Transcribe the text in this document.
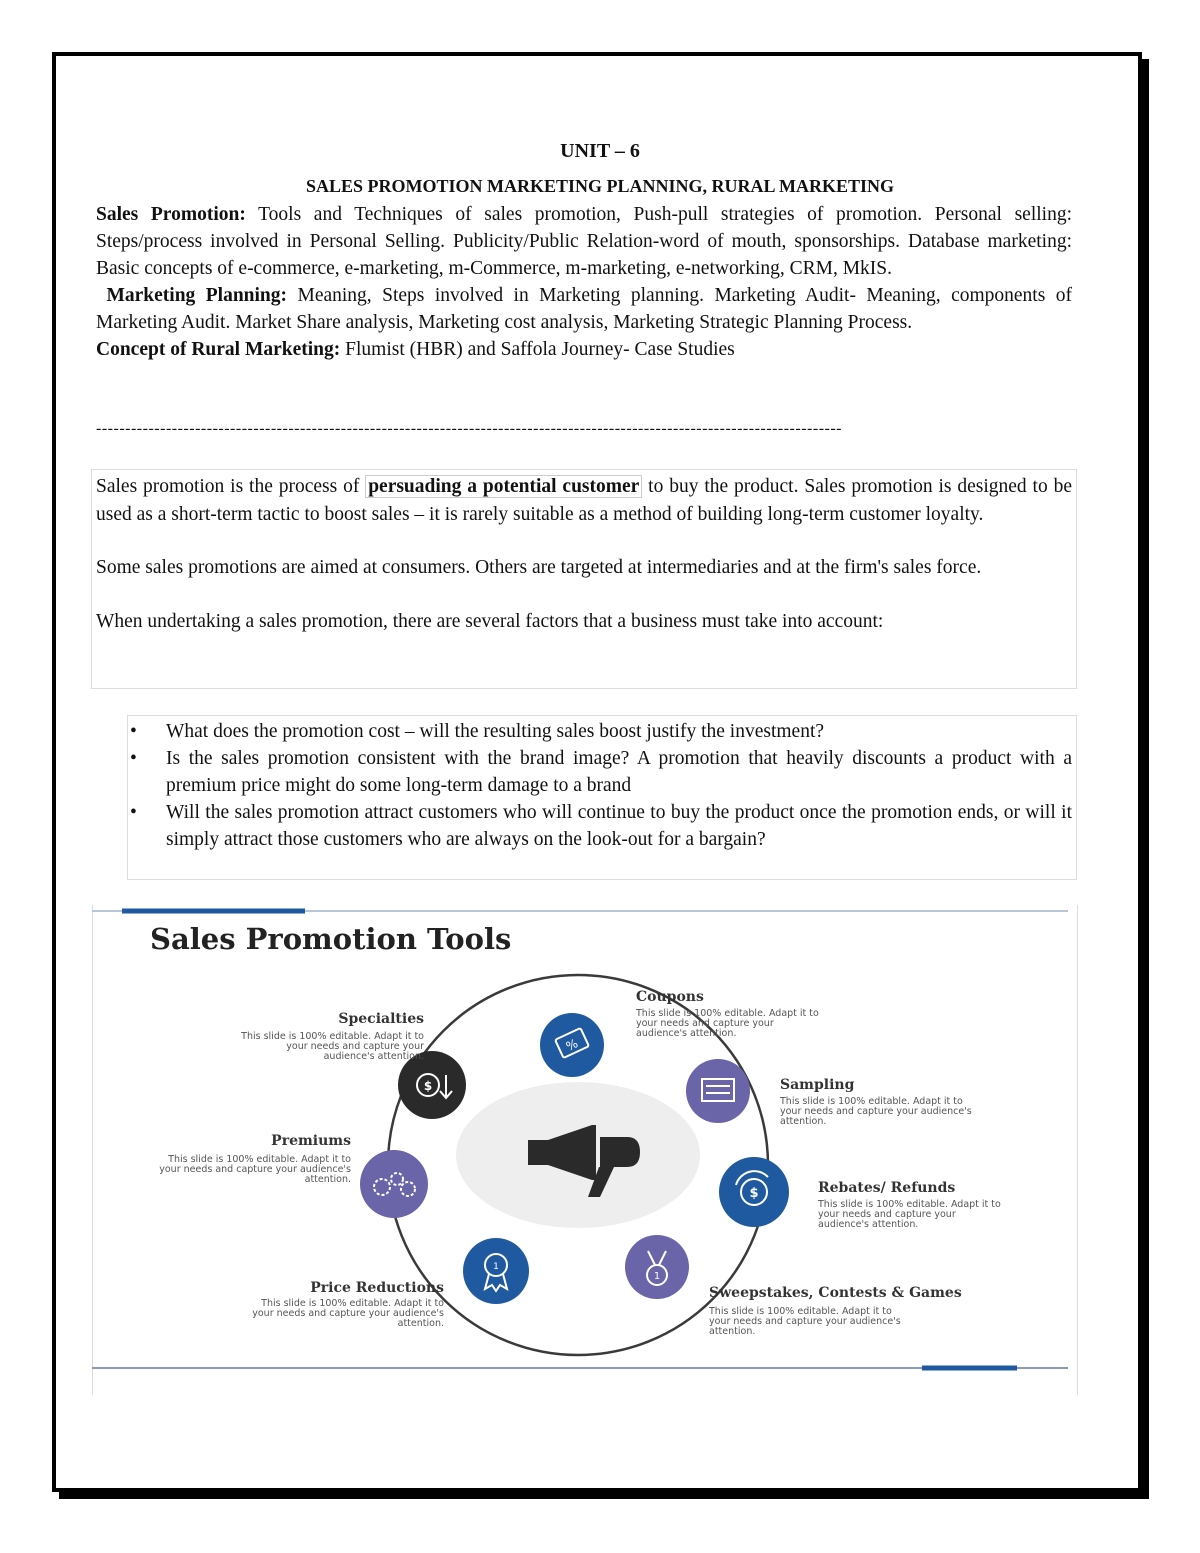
UNIT – 6
SALES PROMOTION MARKETING PLANNING, RURAL MARKETING

Sales Promotion: Tools and Techniques of sales promotion, Push-pull strategies of promotion. Personal selling: Steps/process involved in Personal Selling. Publicity/Public Relation-word of mouth, sponsorships. Database marketing: Basic concepts of e-commerce, e-marketing, m-Commerce, m-marketing, e-networking, CRM, MkIS.

Marketing Planning: Meaning, Steps involved in Marketing planning. Marketing Audit- Meaning, components of Marketing Audit. Market Share analysis, Marketing cost analysis, Marketing Strategic Planning Process.

Concept of Rural Marketing: Flumist (HBR) and Saffola Journey- Case Studies

--------------------------------------------------------------------------------------------------------------------------------

Sales promotion is the process of persuading a potential customer to buy the product. Sales promotion is designed to be used as a short-term tactic to boost sales – it is rarely suitable as a method of building long-term customer loyalty.

Some sales promotions are aimed at consumers. Others are targeted at intermediaries and at the firm's sales force.

When undertaking a sales promotion, there are several factors that a business must take into account:

• What does the promotion cost – will the resulting sales boost justify the investment?
• Is the sales promotion consistent with the brand image? A promotion that heavily discounts a product with a premium price might do some long-term damage to a brand
• Will the sales promotion attract customers who will continue to buy the product once the promotion ends, or will it simply attract those customers who are always on the look-out for a bargain?
Sales Promotion Tools
%
$
1
1
$
Coupons
This slide is 100% editable. Adapt it to
your needs and capture your
audience's attention.
Sampling
This slide is 100% editable. Adapt it to
your needs and capture your audience's
attention.
Rebates/ Refunds
This slide is 100% editable. Adapt it to
your needs and capture your
audience's attention.
Sweepstakes, Contests & Games
This slide is 100% editable. Adapt it to
your needs and capture your audience's
attention.
Price Reductions
This slide is 100% editable. Adapt it to
your needs and capture your audience's
attention.
Premiums
This slide is 100% editable. Adapt it to
your needs and capture your audience's
attention.
Specialties
This slide is 100% editable. Adapt it to
your needs and capture your
audience's attention.
